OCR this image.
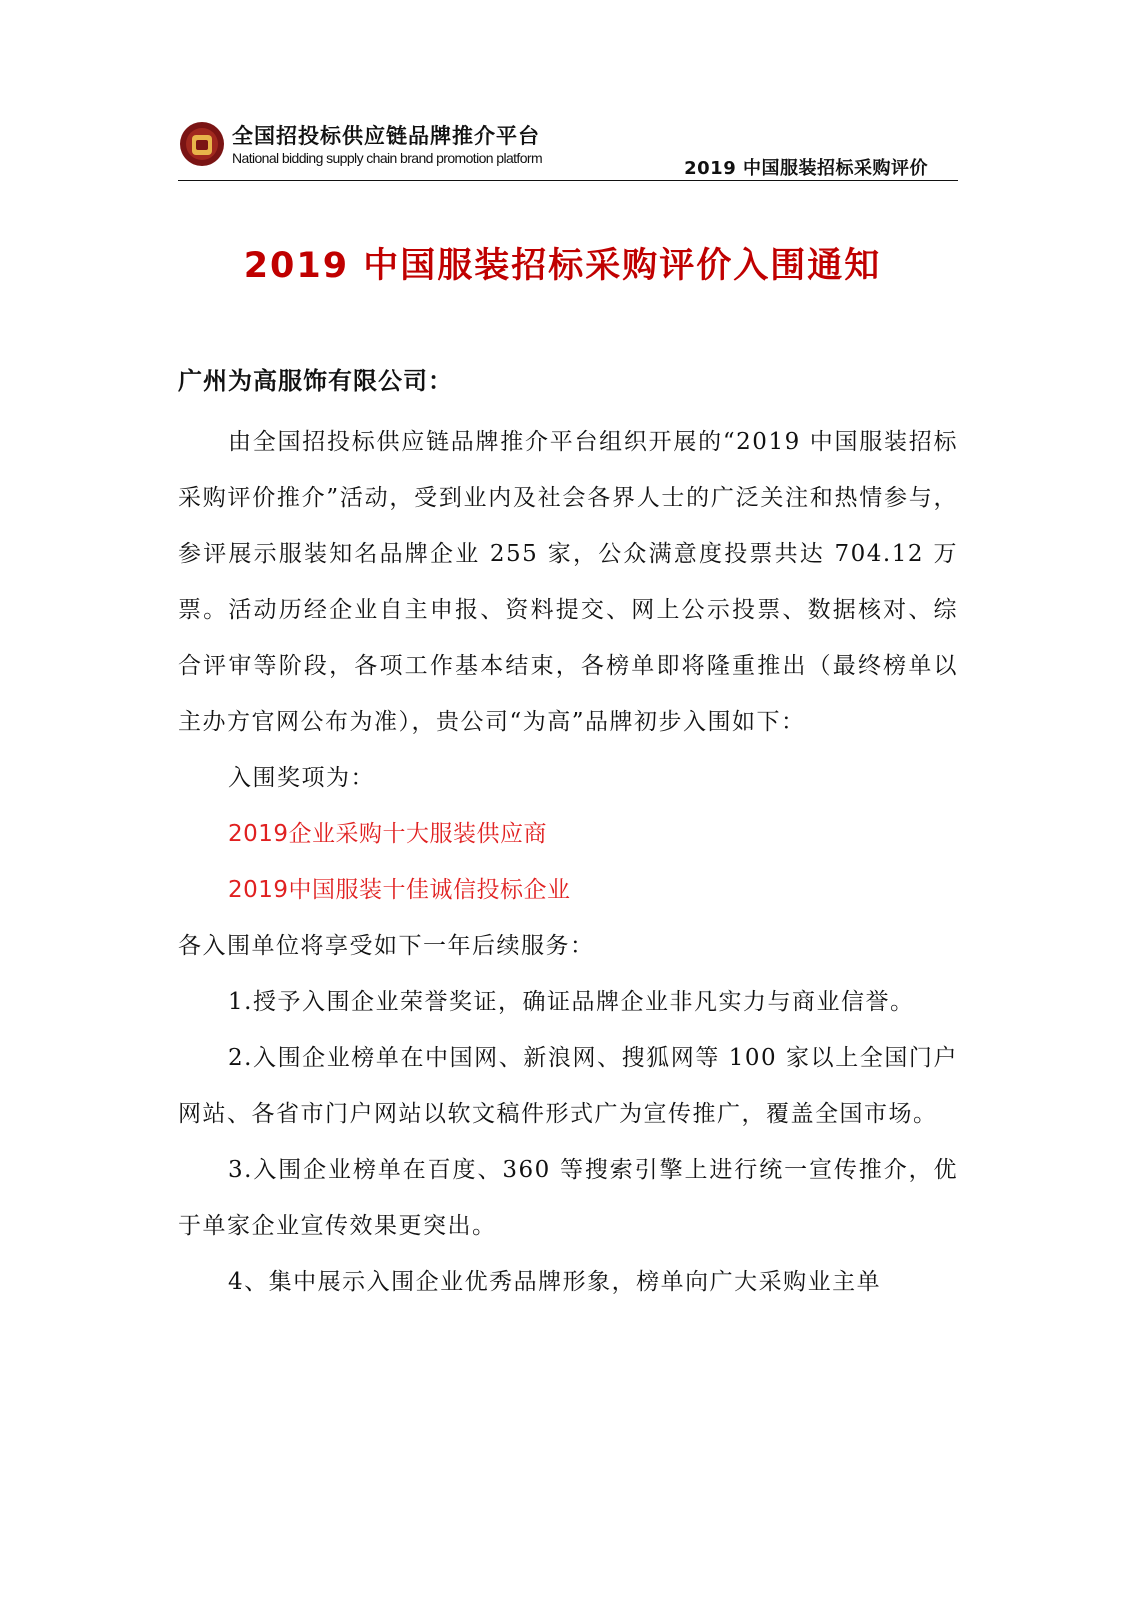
全国招投标供应链品牌推介平台
National bidding supply chain brand promotion platform	2019 中国服装招标采购评价
2019 中国服装招标采购评价入围通知
广州为高服饰有限公司：

由全国招投标供应链品牌推介平台组织开展的“2019 中国服装招标采购评价推介”活动，受到业内及社会各界人士的广泛关注和热情参与，参评展示服装知名品牌企业 255 家，公众满意度投票共达 704.12 万票。活动历经企业自主申报、资料提交、网上公示投票、数据核对、综合评审等阶段，各项工作基本结束，各榜单即将隆重推出（最终榜单以主办方官网公布为准），贵公司“为高”品牌初步入围如下：

入围奖项为：

2019企业采购十大服装供应商
2019中国服装十佳诚信投标企业

各入围单位将享受如下一年后续服务：

1.授予入围企业荣誉奖证，确证品牌企业非凡实力与商业信誉。

2.入围企业榜单在中国网、新浪网、搜狐网等 100 家以上全国门户网站、各省市门户网站以软文稿件形式广为宣传推广，覆盖全国市场。

3.入围企业榜单在百度、360 等搜索引擎上进行统一宣传推介，优于单家企业宣传效果更突出。

4、集中展示入围企业优秀品牌形象，榜单向广大采购业主单
